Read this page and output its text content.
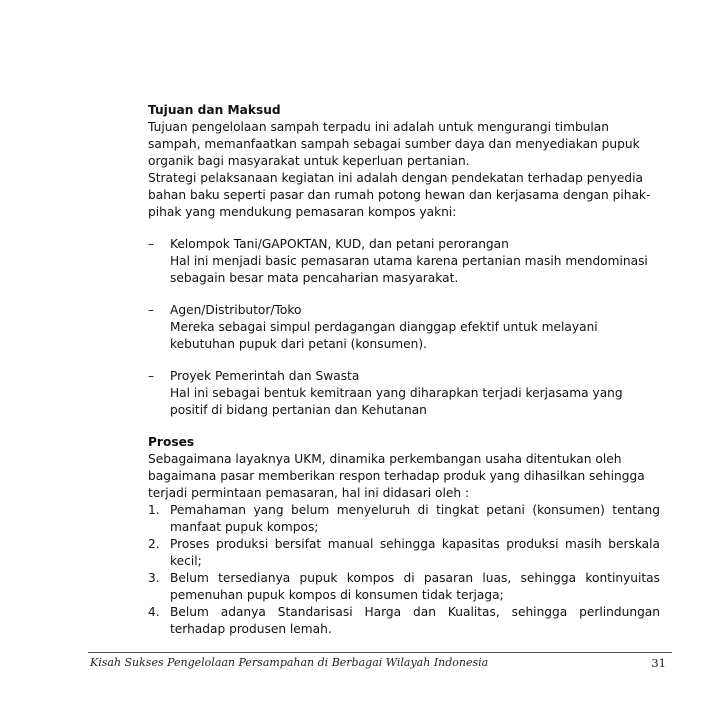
Tujuan dan Maksud

Tujuan pengelolaan sampah terpadu ini adalah untuk mengurangi timbulan sampah, memanfaatkan sampah sebagai sumber daya dan menyediakan pupuk organik bagi masyarakat untuk keperluan pertanian.

Strategi pelaksanaan kegiatan ini adalah dengan pendekatan terhadap penyedia bahan baku seperti pasar dan rumah potong hewan dan kerjasama dengan pihak-pihak yang mendukung pemasaran kompos yakni:

–	Kelompok Tani/GAPOKTAN, KUD, dan petani perorangan

Hal ini menjadi basic pemasaran utama karena pertanian masih mendominasi sebagain besar mata pencaharian masyarakat.

–	Agen/Distributor/Toko

Mereka sebagai simpul perdagangan dianggap efektif untuk melayani kebutuhan pupuk dari petani (konsumen).

–	Proyek Pemerintah dan Swasta

Hal ini sebagai bentuk kemitraan yang diharapkan terjadi kerjasama yang positif di bidang pertanian dan Kehutanan

Proses

Sebagaimana layaknya UKM, dinamika perkembangan usaha ditentukan oleh bagaimana pasar memberikan respon terhadap produk yang dihasilkan sehingga terjadi permintaan pemasaran, hal ini didasari oleh :

1. Pemahaman yang belum menyeluruh di tingkat petani (konsumen) tentang manfaat pupuk kompos;
2. Proses produksi bersifat manual sehingga kapasitas produksi masih berskala kecil;
3. Belum tersedianya pupuk kompos di pasaran luas, sehingga kontinyuitas pemenuhan pupuk kompos di konsumen tidak terjaga;
4. Belum adanya Standarisasi Harga dan Kualitas, sehingga perlindungan terhadap produsen lemah.
Kisah Sukses Pengelolaan Persampahan di Berbagai Wilayah Indonesia	31
